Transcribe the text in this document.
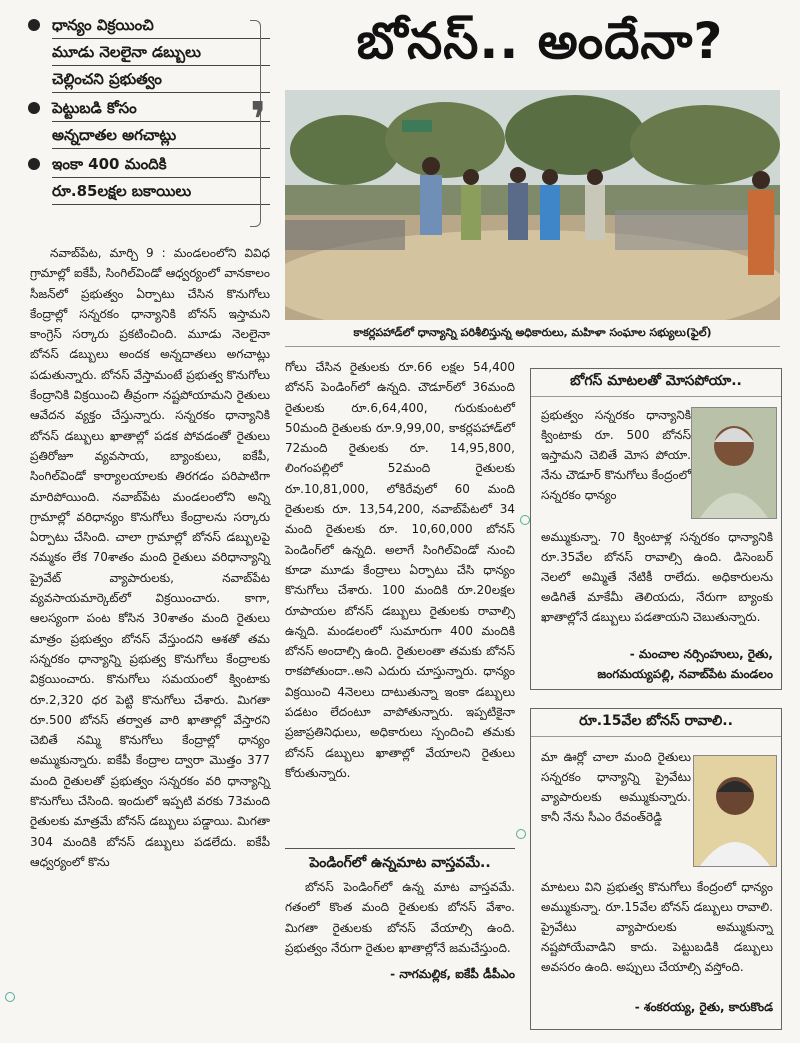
ధాన్యం విక్రయించి
మూడు నెలలైనా డబ్బులు
చెల్లించని ప్రభుత్వం
పెట్టుబడి కోసం
అన్నదాతల అగచాట్లు
ఇంకా 400 మందికి
రూ.85లక్షల బకాయిలు
❜
బోనస్‌.. అందేనా?
కాకర్లపహాడ్‌లో ధాన్యాన్ని పరిశీలిస్తున్న అధికారులు, మహిళా సంఘాల సభ్యులు(ఫైల్‌)

నవాబ్‌పేట, మార్చి 9 : మండలంలోని వివిధ గ్రామాల్లో ఐకేపీ, సింగిల్‌విండో ఆధ్వర్యంలో వానకాలం సీజన్‌లో ప్రభుత్వం ఏర్పాటు చేసిన కొనుగోలు కేంద్రాల్లో సన్నరకం ధాన్యానికి బోనస్‌ ఇస్తామని కాంగ్రెస్‌ సర్కారు ప్రకటించింది. మూడు నెలలైనా బోనస్‌ డబ్బులు అందక అన్నదాతలు అగచాట్లు పడుతున్నారు. బోనస్‌ వేస్తామంటే ప్రభుత్వ కొనుగోలు కేంద్రానికి విక్రయించి తీవ్రంగా నష్టపోయామని రైతులు ఆవేదన వ్యక్తం చేస్తున్నారు. సన్నరకం ధాన్యానికి బోనస్‌ డబ్బులు ఖాతాల్లో పడక పోవడంతో రైతులు ప్రతిరోజూ వ్యవసాయ, బ్యాంకులు, ఐకేపీ, సింగిల్‌విండో కార్యాలయాలకు తిరగడం పరిపాటిగా మారిపోయింది. నవాబ్‌పేట మండలంలోని అన్ని గ్రామాల్లో వరిధాన్యం కొనుగోలు కేంద్రాలను సర్కారు ఏర్పాటు చేసింది. చాలా గ్రామాల్లో బోనస్‌ డబ్బులపై నమ్మకం లేక 70శాతం మంది రైతులు వరిధాన్యాన్ని ప్రైవేట్‌ వ్యాపారులకు, నవాబ్‌పేట వ్యవసాయమార్కెట్‌లో విక్రయించారు. కాగా, ఆలస్యంగా పంట కోసిన 30శాతం మంది రైతులు మాత్రం ప్రభుత్వం బోనస్‌ వేస్తుందని ఆశతో తమ సన్నరకం ధాన్యాన్ని ప్రభుత్వ కొనుగోలు కేంద్రాలకు విక్రయించారు. కొనుగోలు సమయంలో క్వింటాకు రూ.2,320 ధర పెట్టి కొనుగోలు చేశారు. మిగతా రూ.500 బోనస్‌ తర్వాత వారి ఖాతాల్లో వేస్తారని చెబితే నమ్మి కొనుగోలు కేంద్రాల్లో ధాన్యం అమ్ముకున్నారు. ఐకేపీ కేంద్రాల ద్వారా మొత్తం 377 మంది రైతులతో ప్రభుత్వం సన్నరకం వరి ధాన్యాన్ని కొనుగోలు చేసింది. ఇందులో ఇప్పటి వరకు 73మంది రైతులకు మాత్రమే బోనస్‌ డబ్బులు పడ్డాయి. మిగతా 304 మందికి బోనస్‌ డబ్బులు పడలేదు. ఐకేపీ ఆధ్వర్యంలో కొను

గోలు చేసిన రైతులకు రూ.66 లక్షల 54,400 బోనస్‌ పెండింగ్‌లో ఉన్నది. చౌడూర్‌లో 36మంది రైతులకు రూ.6,64,400, గురుకుంటలో 50మంది రైతులకు రూ.9,99,00, కాకర్లపహాడ్‌లో 72మంది రైతులకు రూ. 14,95,800, లింగంపల్లిలో 52మంది రైతులకు రూ.10,81,000, లోకిరేవులో 60 మంది రైతులకు రూ. 13,54,200, నవాబ్‌పేటలో 34 మంది రైతులకు రూ. 10,60,000 బోనస్‌ పెండింగ్‌లో ఉన్నది. అలాగే సింగిల్‌విండో నుంచి కూడా మూడు కేంద్రాలు ఏర్పాటు చేసి ధాన్యం కొనుగోలు చేశారు. 100 మందికి రూ.20లక్షల రూపాయల బోనస్‌ డబ్బులు రైతులకు రావాల్సి ఉన్నది. మండలంలో సుమారుగా 400 మందికి బోనస్‌ అందాల్సి ఉంది. రైతులంతా తమకు బోనస్‌ రాకపోతుందా..అని ఎదురు చూస్తున్నారు. ధాన్యం విక్రయించి 4నెలలు దాటుతున్నా ఇంకా డబ్బులు పడటం లేదంటూ వాపోతున్నారు. ఇప్పటికైనా ప్రజాప్రతినిధులు, అధికారులు స్పందించి తమకు బోనస్‌ డబ్బులు ఖాతాల్లో వేయాలని రైతులు కోరుతున్నారు.

పెండింగ్‌లో ఉన్నమాట వాస్తవమే..

బోనస్‌ పెండింగ్‌లో ఉన్న మాట వాస్తవమే. గతంలో కొంత మంది రైతులకు బోనస్‌ వేశాం. మిగతా రైతులకు బోనస్‌ వేయాల్సి ఉంది. ప్రభుత్వం నేరుగా రైతుల ఖాతాల్లోనే జమచేస్తుంది.

- నాగమల్లిక, ఐకేపీ డీపీఎం
బోగస్‌ మాటలతో మోసపోయా..
ప్రభుత్వం సన్నరకం ధాన్యానికి క్వింటాకు రూ. 500 బోనస్‌ ఇస్తామని చెబితే మోస పోయా. నేను చౌడూర్‌ కొనుగోలు కేంద్రంలో సన్నరకం ధాన్యం
అమ్ముకున్నా. 70 క్వింటాళ్ల సన్నరకం ధాన్యానికి రూ.35వేల బోనస్‌ రావాల్సి ఉంది. డిసెంబర్‌ నెలలో అమ్మితే నేటికీ రాలేదు. అధికారులను అడిగితే మాకేమీ తెలియదు, నేరుగా బ్యాంకు ఖాతాల్లోనే డబ్బులు పడతాయని చెబుతున్నారు.
- మంచాల నర్సింహులు, రైతు,
జంగమయ్యపల్లి, నవాబ్‌పేట మండలం
రూ.15వేల బోనస్‌ రావాలి..
మా ఊర్లో చాలా మంది రైతులు సన్నరకం ధాన్యాన్ని ప్రైవేటు వ్యాపారులకు అమ్ముకున్నారు. కానీ నేను సీఎం రేవంత్‌రెడ్డి
మాటలు విని ప్రభుత్వ కొనుగోలు కేంద్రంలో ధాన్యం అమ్ముకున్నా. రూ.15వేల బోనస్‌ డబ్బులు రావాలి. ప్రైవేటు వ్యాపారులకు అమ్ముకున్నా నష్టపోయేవాడిని కాదు. పెట్టుబడికి డబ్బులు అవసరం ఉంది. అప్పులు చేయాల్సి వస్తోంది.
- శంకరయ్య, రైతు, కారుకొండ
